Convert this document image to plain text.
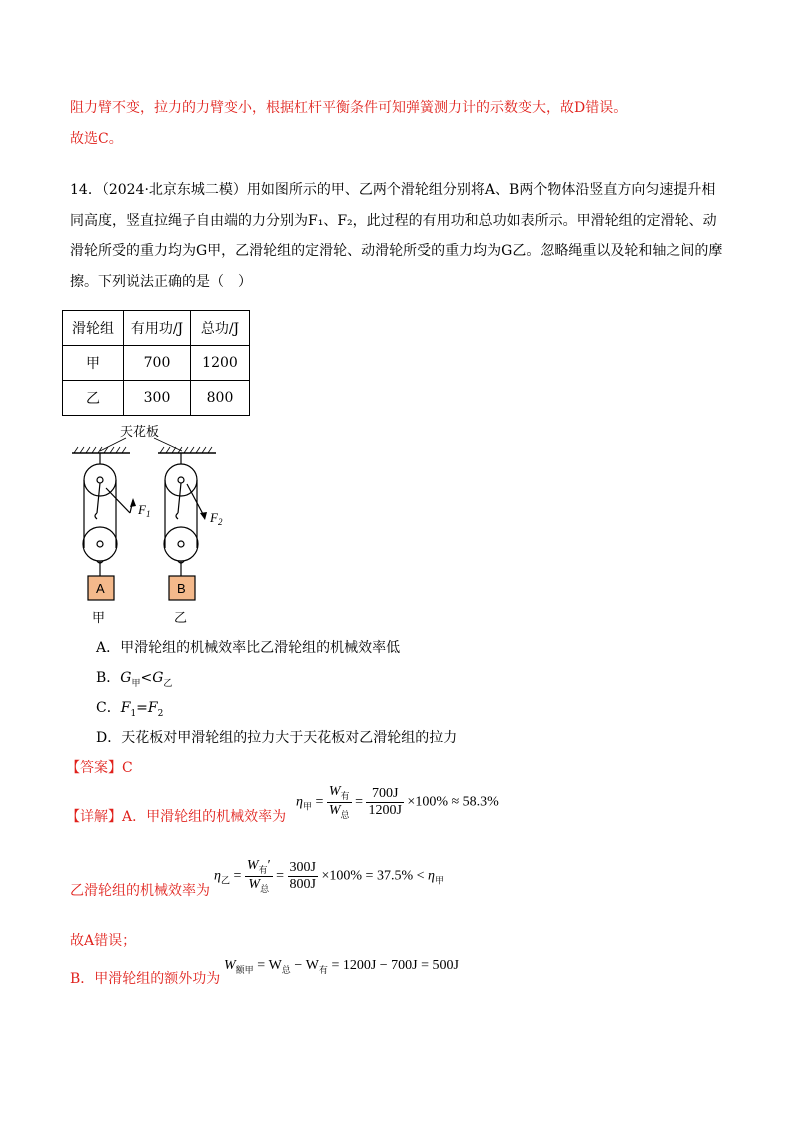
阻力臂不变，拉力的力臂变小，根据杠杆平衡条件可知弹簧测力计的示数变大，故D错误。
故选C。
14．（2024·北京东城二模）用如图所示的甲、乙两个滑轮组分别将A、B两个物体沿竖直方向匀速提升相
同高度，竖直拉绳子自由端的力分别为F₁、F₂，此过程的有用功和总功如表所示。甲滑轮组的定滑轮、动
滑轮所受的重力均为G甲，乙滑轮组的定滑轮、动滑轮所受的重力均为G乙。忽略绳重以及轮和轴之间的摩
擦。下列说法正确的是（　）
滑轮组	有用功/J	总功/J
甲	700	1200
乙	300	800
天花板
A
$F_1$
甲
B
$F_2$
乙
A．甲滑轮组的机械效率比乙滑轮组的机械效率低
B．$G_甲<G_乙$
C．$F_1=F_2$
D．天花板对甲滑轮组的拉力大于天花板对乙滑轮组的拉力
【答案】C
【详解】A．甲滑轮组的机械效率为
$\eta_甲 = \frac{W_有}{W_总} = \frac{700J}{1200J} \times 100\% \approx 58.3\%$
乙滑轮组的机械效率为
$\eta_乙 = \frac{W_有'}{W_总} = \frac{300J}{800J} \times 100\% = 37.5\% < \eta_甲$
故A错误；
B．甲滑轮组的额外功为
$W_{额甲} = W_总 - W_有 = 1200J - 700J = 500J$
